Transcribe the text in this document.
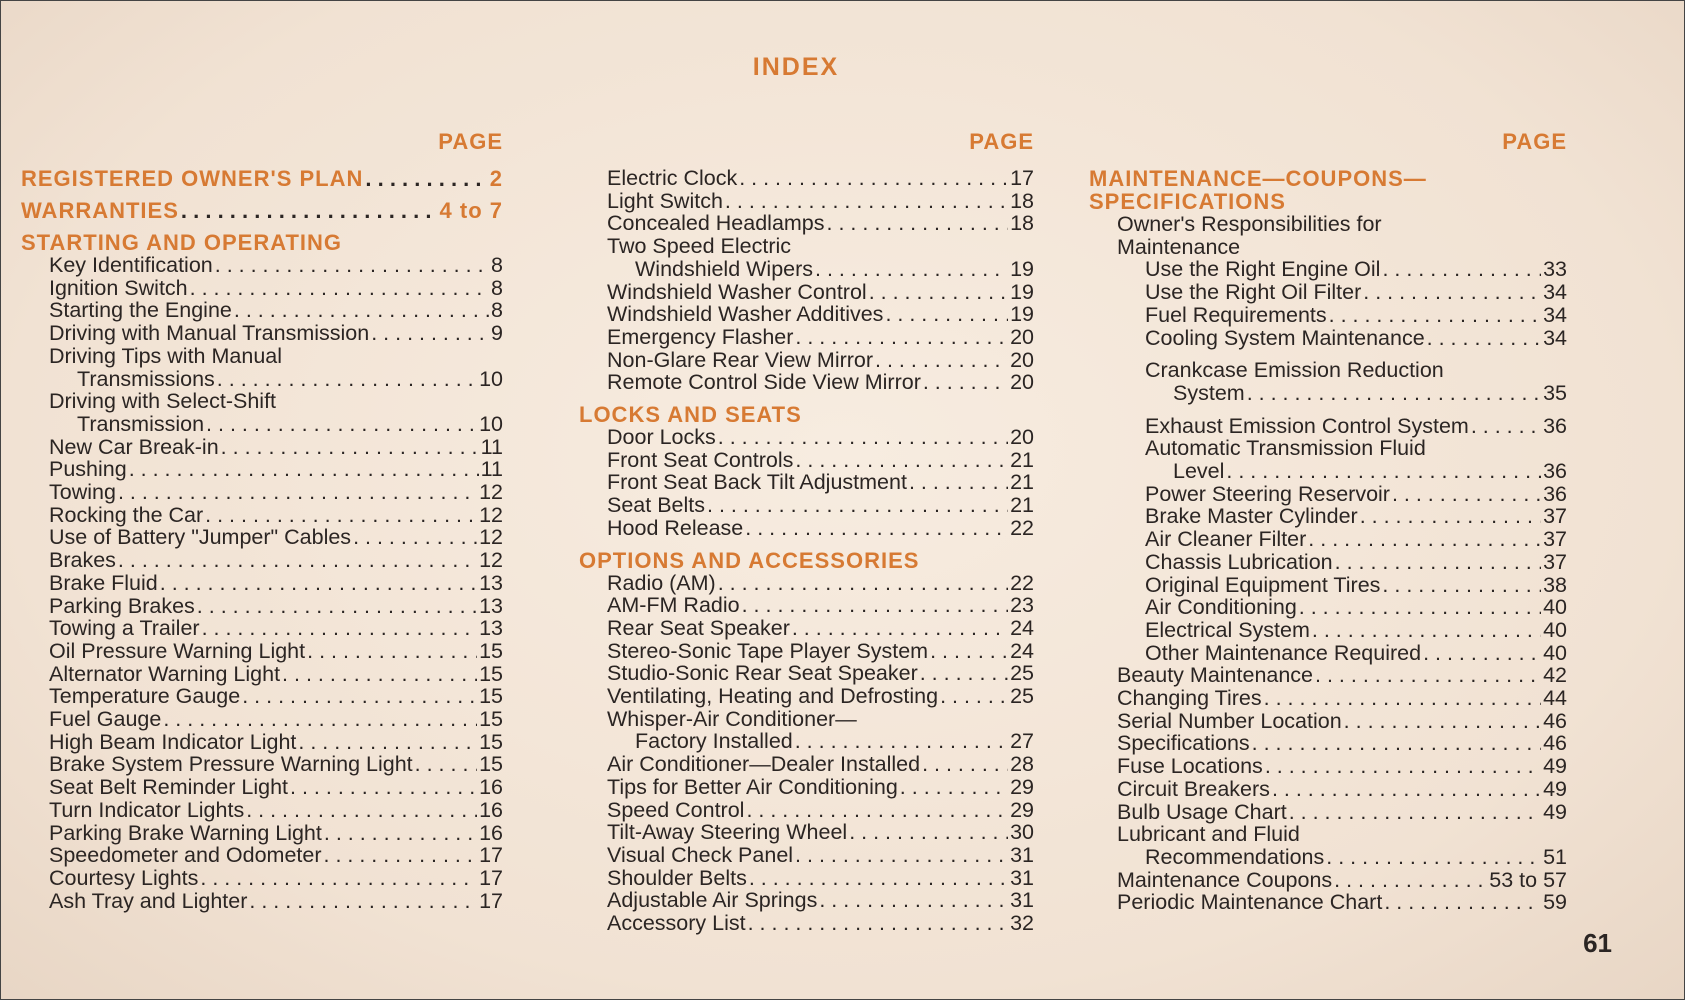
INDEX
PAGE
REGISTERED OWNER'S PLAN . . .	2
WARRANTIES . . .	4 to 7
STARTING AND OPERATING
Key Identification . . .	8
Ignition Switch . . .	8
Starting the Engine . . .	8
Driving with Manual Transmission . . .	9
Driving Tips with Manual
Transmissions . . .	10
Driving with Select-Shift
Transmission . . .	10
New Car Break-in . . .	11
Pushing . . .	11
Towing . . .	12
Rocking the Car . . .	12
Use of Battery "Jumper" Cables . . .	12
Brakes . . .	12
Brake Fluid . . .	13
Parking Brakes . . .	13
Towing a Trailer . . .	13
Oil Pressure Warning Light . . .	15
Alternator Warning Light . . .	15
Temperature Gauge . . .	15
Fuel Gauge . . .	15
High Beam Indicator Light . . .	15
Brake System Pressure Warning Light . . .	15
Seat Belt Reminder Light . . .	16
Turn Indicator Lights . . .	16
Parking Brake Warning Light . . .	16
Speedometer and Odometer . . .	17
Courtesy Lights . . .	17
Ash Tray and Lighter . . .	17
PAGE
Electric Clock . . .	17
Light Switch . . .	18
Concealed Headlamps . . .	18
Two Speed Electric
Windshield Wipers . . .	19
Windshield Washer Control . . .	19
Windshield Washer Additives . . .	19
Emergency Flasher . . .	20
Non-Glare Rear View Mirror . . .	20
Remote Control Side View Mirror . . .	20
LOCKS AND SEATS
Door Locks . . .	20
Front Seat Controls . . .	21
Front Seat Back Tilt Adjustment . . .	21
Seat Belts . . .	21
Hood Release . . .	22
OPTIONS AND ACCESSORIES
Radio (AM) . . .	22
AM-FM Radio . . .	23
Rear Seat Speaker . . .	24
Stereo-Sonic Tape Player System . . .	24
Studio-Sonic Rear Seat Speaker . . .	25
Ventilating, Heating and Defrosting . . .	25
Whisper-Air Conditioner—
Factory Installed . . .	27
Air Conditioner—Dealer Installed . . .	28
Tips for Better Air Conditioning . . .	29
Speed Control . . .	29
Tilt-Away Steering Wheel . . .	30
Visual Check Panel . . .	31
Shoulder Belts . . .	31
Adjustable Air Springs . . .	31
Accessory List . . .	32
PAGE
MAINTENANCE—COUPONS—
SPECIFICATIONS
Owner's Responsibilities for
Maintenance
Use the Right Engine Oil . . .	33
Use the Right Oil Filter . . .	34
Fuel Requirements . . .	34
Cooling System Maintenance . . .	34
Crankcase Emission Reduction
System . . .	35
Exhaust Emission Control System . . .	36
Automatic Transmission Fluid
Level . . .	36
Power Steering Reservoir . . .	36
Brake Master Cylinder . . .	37
Air Cleaner Filter . . .	37
Chassis Lubrication . . .	37
Original Equipment Tires . . .	38
Air Conditioning . . .	40
Electrical System . . .	40
Other Maintenance Required . . .	40
Beauty Maintenance . . .	42
Changing Tires . . .	44
Serial Number Location . . .	46
Specifications . . .	46
Fuse Locations . . .	49
Circuit Breakers . . .	49
Bulb Usage Chart . . .	49
Lubricant and Fluid
Recommendations . . .	51
Maintenance Coupons . . .	53 to 57
Periodic Maintenance Chart . . .	59
61
